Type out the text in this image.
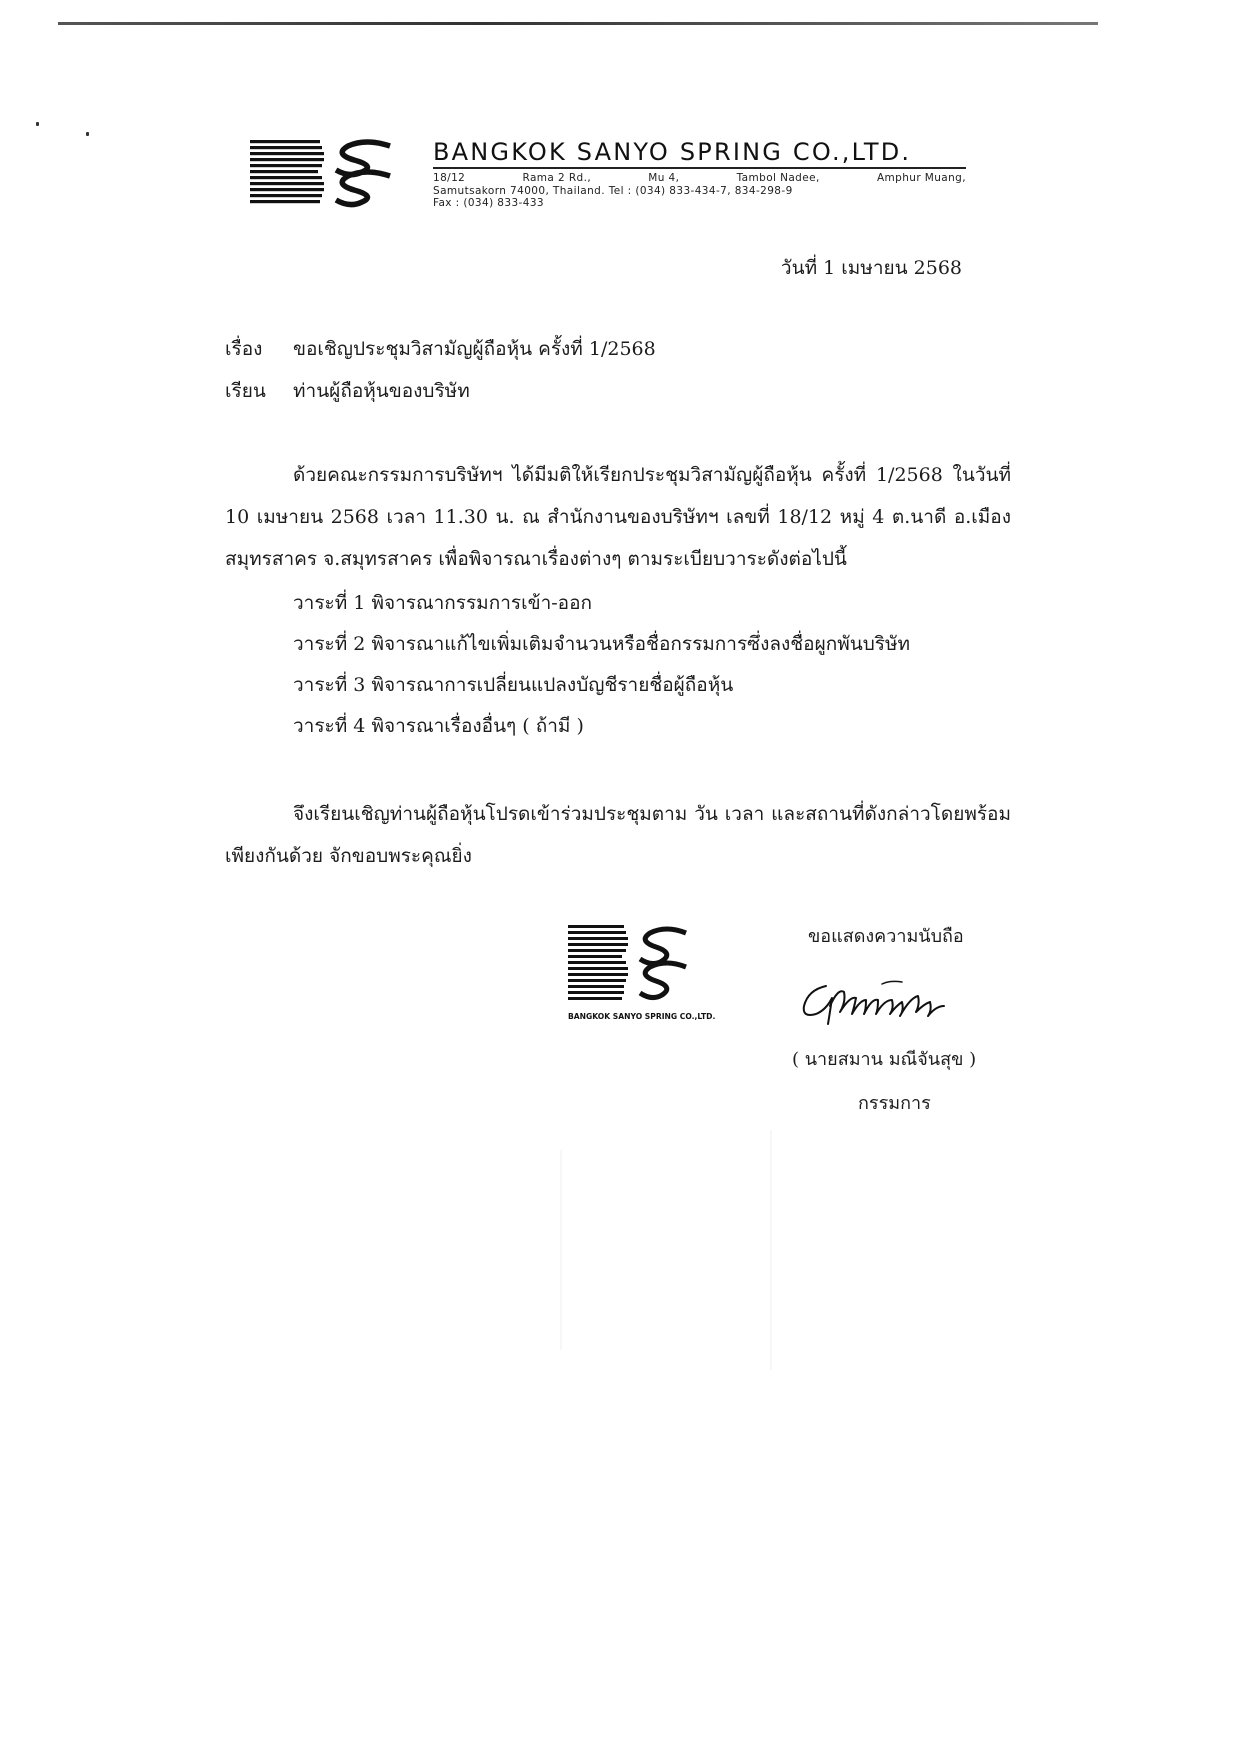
BANGKOK SANYO SPRING CO.,LTD.
18/12	Rama 2 Rd.,	Mu 4,	Tambol Nadee,	Amphur Muang,
Samutsakorn 74000, Thailand. Tel : (034) 833-434-7, 834-298-9
Fax : (034) 833-433
วันที่ 1 เมษายน 2568
เรื่อง ขอเชิญประชุมวิสามัญผู้ถือหุ้น ครั้งที่ 1/2568
เรียน ท่านผู้ถือหุ้นของบริษัท
ด้วยคณะกรรมการบริษัทฯ ได้มีมติให้เรียกประชุมวิสามัญผู้ถือหุ้น ครั้งที่ 1/2568 ในวันที่ 10 เมษายน 2568 เวลา 11.30 น. ณ สำนักงานของบริษัทฯ เลขที่ 18/12 หมู่ 4 ต.นาดี อ.เมือง สมุทรสาคร จ.สมุทรสาคร เพื่อพิจารณาเรื่องต่างๆ ตามระเบียบวาระดังต่อไปนี้
วาระที่ 1 พิจารณากรรมการเข้า-ออก
วาระที่ 2 พิจารณาแก้ไขเพิ่มเติมจำนวนหรือชื่อกรรมการซึ่งลงชื่อผูกพันบริษัท
วาระที่ 3 พิจารณาการเปลี่ยนแปลงบัญชีรายชื่อผู้ถือหุ้น
วาระที่ 4 พิจารณาเรื่องอื่นๆ ( ถ้ามี )
จึงเรียนเชิญท่านผู้ถือหุ้นโปรดเข้าร่วมประชุมตาม วัน เวลา และสถานที่ดังกล่าวโดยพร้อมเพียงกันด้วย จักขอบพระคุณยิ่ง
BANGKOK SANYO SPRING CO.,LTD.
ขอแสดงความนับถือ
( นายสมาน มณีจันสุข )
กรรมการ
